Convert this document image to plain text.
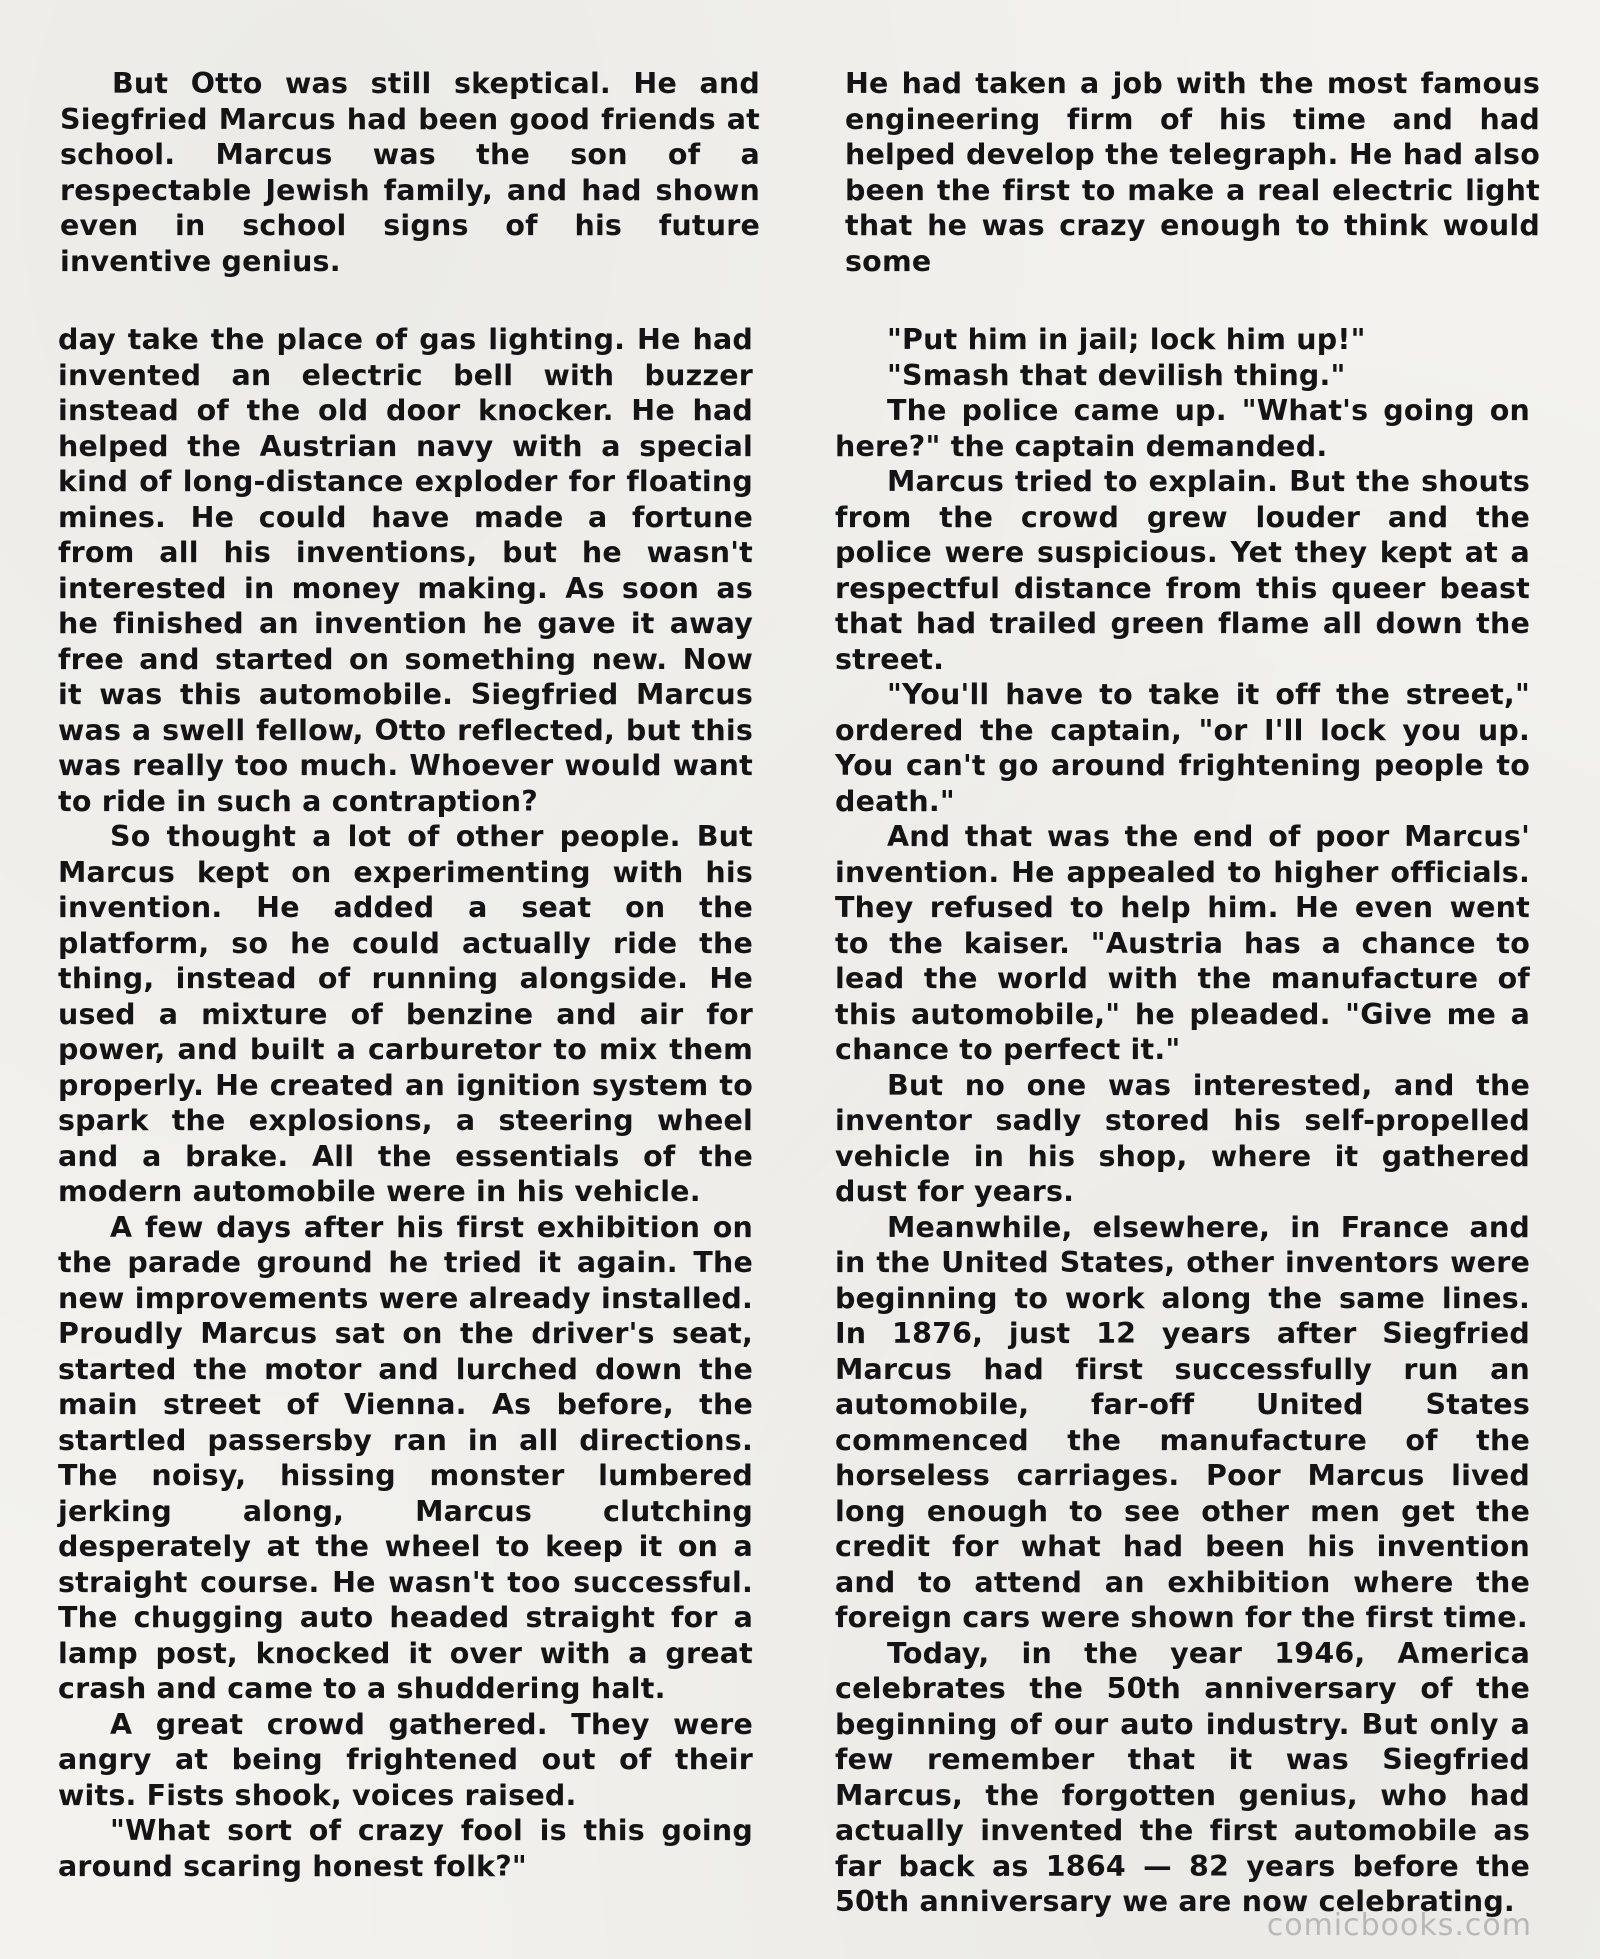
But Otto was still skeptical. He and Siegfried Marcus had been good friends at school. Marcus was the son of a respectable Jewish family, and had shown even in school signs of his future inventive genius.

He had taken a job with the most famous engineering firm of his time and had helped develop the telegraph. He had also been the first to make a real electric light that he was crazy enough to think would some

day take the place of gas lighting. He had invented an electric bell with buzzer instead of the old door knocker. He had helped the Austrian navy with a special kind of long-distance exploder for floating mines. He could have made a fortune from all his inventions, but he wasn't interested in money making. As soon as he finished an invention he gave it away free and started on something new. Now it was this automobile. Siegfried Marcus was a swell fellow, Otto reflected, but this was really too much. Whoever would want to ride in such a contraption?

So thought a lot of other people. But Marcus kept on experimenting with his invention. He added a seat on the platform, so he could actually ride the thing, instead of running alongside. He used a mixture of benzine and air for power, and built a carburetor to mix them properly. He created an ignition system to spark the explosions, a steering wheel and a brake. All the essentials of the modern automobile were in his vehicle.

A few days after his first exhibition on the parade ground he tried it again. The new improvements were already installed. Proudly Marcus sat on the driver's seat, started the motor and lurched down the main street of Vienna. As before, the startled passersby ran in all directions. The noisy, hissing monster lumbered jerking along, Marcus clutching desperately at the wheel to keep it on a straight course. He wasn't too successful. The chugging auto headed straight for a lamp post, knocked it over with a great crash and came to a shuddering halt.

A great crowd gathered. They were angry at being frightened out of their wits. Fists shook, voices raised.

"What sort of crazy fool is this going around scaring honest folk?"

"Put him in jail; lock him up!"

"Smash that devilish thing."

The police came up. "What's going on here?" the captain demanded.

Marcus tried to explain. But the shouts from the crowd grew louder and the police were suspicious. Yet they kept at a respectful distance from this queer beast that had trailed green flame all down the street.

"You'll have to take it off the street," ordered the captain, "or I'll lock you up. You can't go around frightening people to death."

And that was the end of poor Marcus' invention. He appealed to higher officials. They refused to help him. He even went to the kaiser. "Austria has a chance to lead the world with the manufacture of this automobile," he pleaded. "Give me a chance to perfect it."

But no one was interested, and the inventor sadly stored his self-propelled vehicle in his shop, where it gathered dust for years.

Meanwhile, elsewhere, in France and in the United States, other inventors were beginning to work along the same lines. In 1876, just 12 years after Siegfried Marcus had first successfully run an automobile, far-off United States commenced the manufacture of the horseless carriages. Poor Marcus lived long enough to see other men get the credit for what had been his invention and to attend an exhibition where the foreign cars were shown for the first time.

Today, in the year 1946, America celebrates the 50th anniversary of the beginning of our auto industry. But only a few remember that it was Siegfried Marcus, the forgotten genius, who had actually invented the first automobile as far back as 1864 — 82 years before the 50th anniversary we are now celebrating.

comicbooks.com
